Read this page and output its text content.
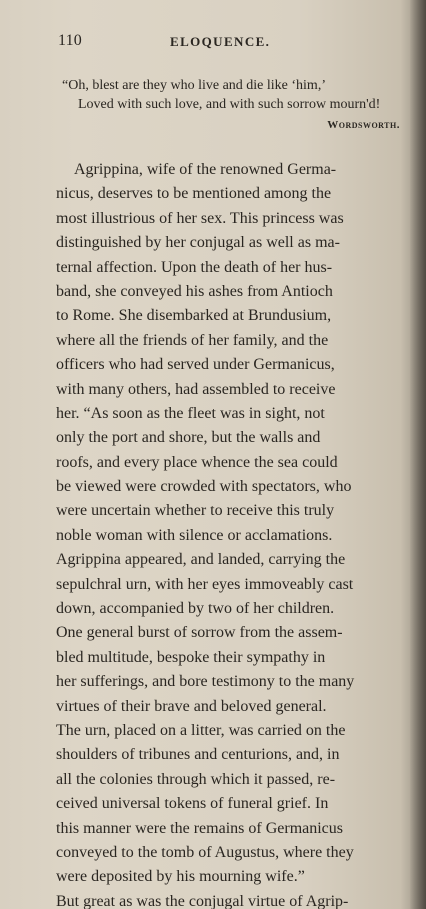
110	ELOQUENCE.
“Oh, blest are they who live and die like ‘him,’
Loved with such love, and with such sorrow mourn'd!
Wordsworth.
Agrippina, wife of the renowned Germa-
nicus, deserves to be mentioned among the
most illustrious of her sex. This princess was
distinguished by her conjugal as well as ma-
ternal affection. Upon the death of her hus-
band, she conveyed his ashes from Antioch
to Rome. She disembarked at Brundusium,
where all the friends of her family, and the
officers who had served under Germanicus,
with many others, had assembled to receive
her. “As soon as the fleet was in sight, not
only the port and shore, but the walls and
roofs, and every place whence the sea could
be viewed were crowded with spectators, who
were uncertain whether to receive this truly
noble woman with silence or acclamations.
Agrippina appeared, and landed, carrying the
sepulchral urn, with her eyes immoveably cast
down, accompanied by two of her children.
One general burst of sorrow from the assem-
bled multitude, bespoke their sympathy in
her sufferings, and bore testimony to the many
virtues of their brave and beloved general.
The urn, placed on a litter, was carried on the
shoulders of tribunes and centurions, and, in
all the colonies through which it passed, re-
ceived universal tokens of funeral grief. In
this manner were the remains of Germanicus
conveyed to the tomb of Augustus, where they
were deposited by his mourning wife.”
But great as was the conjugal virtue of Agrip-
